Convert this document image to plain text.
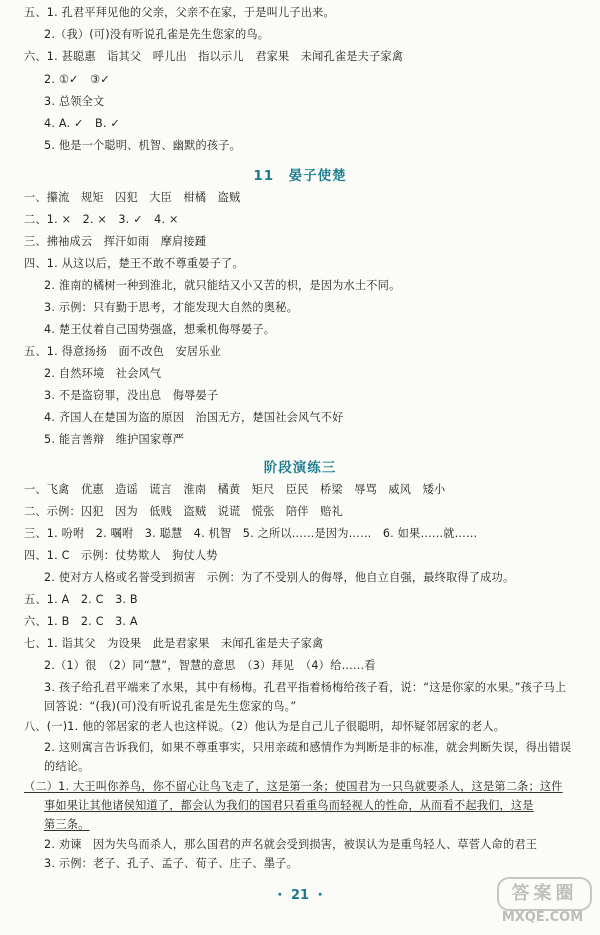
五、1. 孔君平拜见他的父亲，父亲不在家，于是叫儿子出来。
2.（我）(可)没有听说孔雀是先生您家的鸟。
六、1. 甚聪惠　诣其父　呼儿出　指以示儿　君家果　未闻孔雀是夫子家禽
2. ①✓　③✓
3. 总领全文
4. A. ✓　B. ✓
5. 他是一个聪明、机智、幽默的孩子。
11　晏子使楚
一、攥流　规矩　囚犯　大臣　柑橘　盗贼
二、1. ×　2. ×　3. ✓　4. ×
三、拂袖成云　挥汗如雨　摩肩接踵
四、1. 从这以后，楚王不敢不尊重晏子了。
2. 淮南的橘树一种到淮北，就只能结又小又苦的枳，是因为水土不同。
3. 示例：只有勤于思考，才能发现大自然的奥秘。
4. 楚王仗着自己国势强盛，想乘机侮辱晏子。
五、1. 得意扬扬　面不改色　安居乐业
2. 自然环境　社会风气
3. 不是盗窃罪，没出息　侮辱晏子
4. 齐国人在楚国为盗的原因　治国无方，楚国社会风气不好
5. 能言善辩　维护国家尊严
阶段演练三
一、飞禽　优惠　造谣　谎言　淮南　橘黄　矩尺　臣民　桥梁　辱骂　威风　矮小
二、示例：囚犯　因为　低贱　盗贼　说谎　慌张　陪伴　赔礼
三、1. 吩咐　2. 嘱咐　3. 聪慧　4. 机智　5. 之所以……是因为……　6. 如果……就……
四、1. C　示例：仗势欺人　狗仗人势
2. 使对方人格或名誉受到损害　示例：为了不受别人的侮辱，他自立自强，最终取得了成功。
五、1. A　2. C　3. B
六、1. B　2. C　3. A
七、1. 诣其父　为设果　此是君家果　未闻孔雀是夫子家禽
2.（1）很　（2）同“慧”，智慧的意思　（3）拜见　（4）给……看
3. 孩子给孔君平端来了水果，其中有杨梅。孔君平指着杨梅给孩子看，说：“这是你家的水果。”孩子马上
回答说：“(我)(可)没有听说孔雀是先生您家的鸟。”
八、(一)1. 他的邻居家的老人也这样说。（2）他认为是自己儿子很聪明，却怀疑邻居家的老人。
2. 这则寓言告诉我们，如果不尊重事实，只用亲疏和感情作为判断是非的标准，就会判断失误，得出错误
的结论。
（二）1. 大王叫你养鸟，你不留心让鸟飞走了，这是第一条；使国君为一只鸟就要杀人，这是第二条；这件
事如果让其他诸侯知道了，都会认为我们的国君只看重鸟而轻视人的性命，从而看不起我们，这是
第三条。
2. 劝谏　因为失鸟而杀人，那么国君的声名就会受到损害，被误认为是重鸟轻人、草菅人命的君王
3. 示例：老子、孔子、孟子、荀子、庄子、墨子。
・ 21 ・	答案圈
MXQE.COM
